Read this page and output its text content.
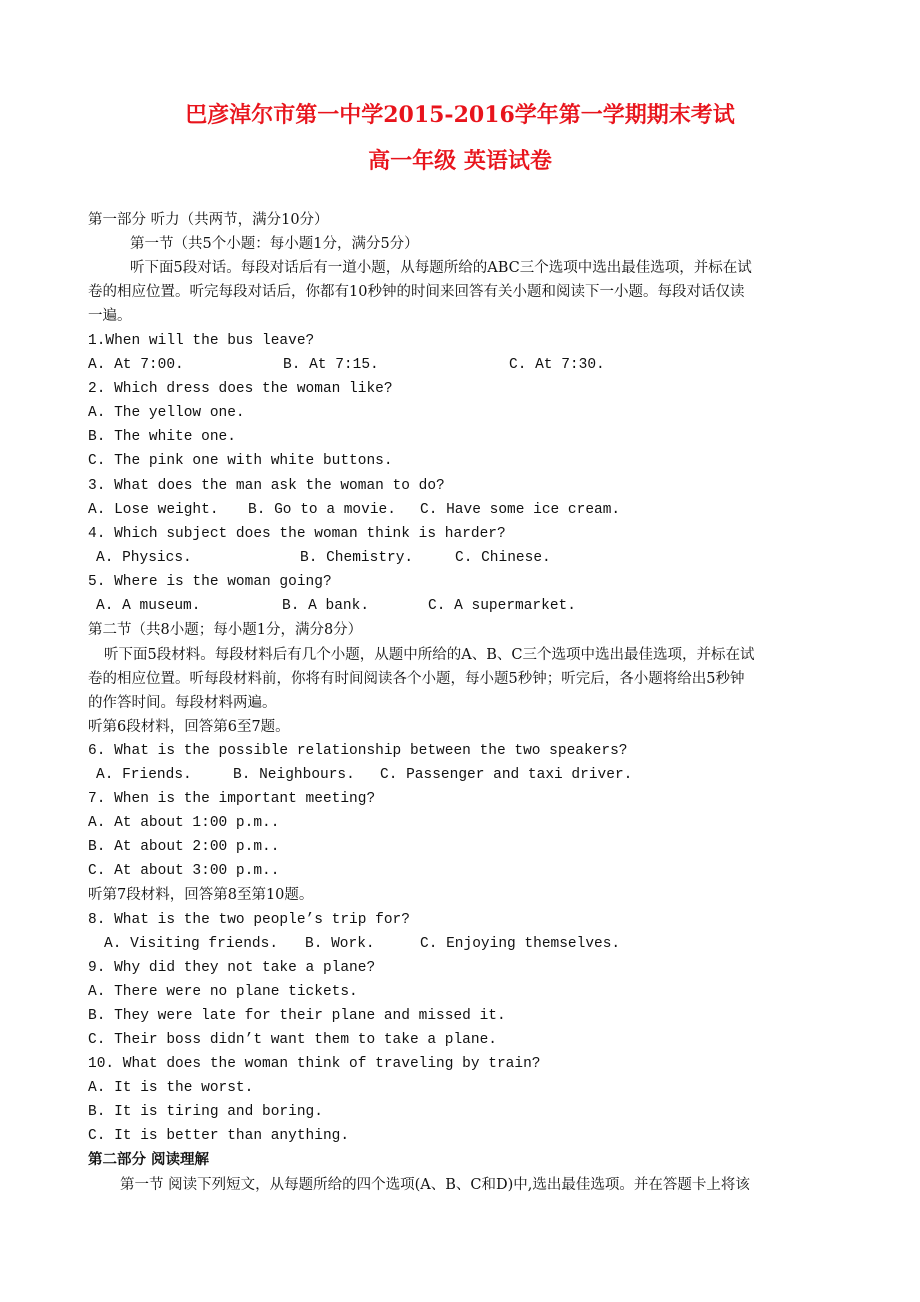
巴彦淖尔市第一中学2015-2016学年第一学期期末考试
高一年级 英语试卷
第一部分 听力（共两节，满分10分）
第一节（共5个小题：每小题1分，满分5分）
听下面5段对话。每段对话后有一道小题，从每题所给的ABC三个选项中选出最佳选项，并标在试
卷的相应位置。听完每段对话后，你都有10秒钟的时间来回答有关小题和阅读下一小题。每段对话仅读
一遍。
1.When will the bus leave?
A. At 7:00.	B. At 7:15.	C. At 7:30.
2. Which dress does the woman like?
A. The yellow one.
B. The white one.
C. The pink one with white buttons.
3. What does the man ask the woman to do?
A. Lose weight. B. Go to a movie. C. Have some ice cream.
4. Which subject does the woman think is harder?
A. Physics.	B. Chemistry.	C. Chinese.
5. Where is the woman going?
A. A museum.	B. A bank.	C. A supermarket.
第二节（共8小题；每小题1分，满分8分）
听下面5段材料。每段材料后有几个小题，从题中所给的A、B、C三个选项中选出最佳选项，并标在试
卷的相应位置。听每段材料前，你将有时间阅读各个小题，每小题5秒钟；听完后，各小题将给出5秒钟
的作答时间。每段材料两遍。
听第6段材料，回答第6至7题。
6. What is the possible relationship between the two speakers?
A. Friends.	B. Neighbours. C. Passenger and taxi driver.
7. When is the important meeting?
A. At about 1:00 p.m..
B. At about 2:00 p.m..
C. At about 3:00 p.m..
听第7段材料，回答第8至第10题。
8. What is the two people’s trip for?
A. Visiting friends. B. Work.	C. Enjoying themselves.
9. Why did they not take a plane?
A. There were no plane tickets.
B. They were late for their plane and missed it.
C. Their boss didn’t want them to take a plane.
10. What does the woman think of traveling by train?
A. It is the worst.
B. It is tiring and boring.
C. It is better than anything.
第二部分 阅读理解
第一节 阅读下列短文，从每题所给的四个选项(A、B、C和D)中,选出最佳选项。并在答题卡上将该
